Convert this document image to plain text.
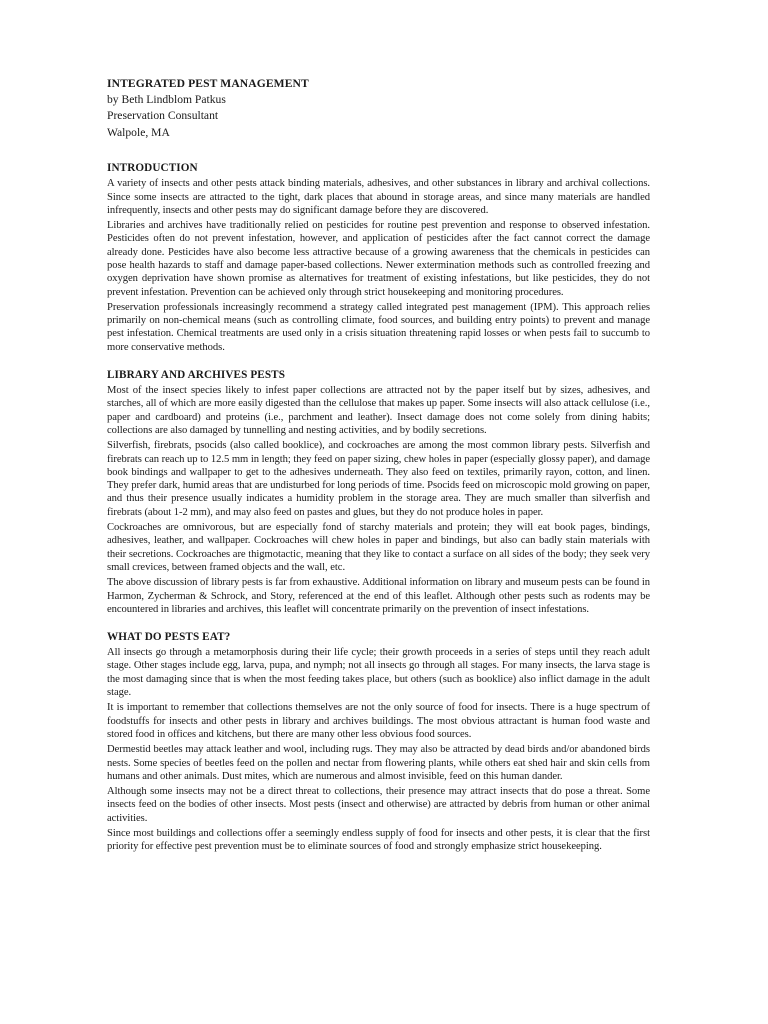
INTEGRATED PEST MANAGEMENT

by Beth Lindblom Patkus

Preservation Consultant

Walpole, MA

INTRODUCTION

A variety of insects and other pests attack binding materials, adhesives, and other substances in library and archival collections. Since some insects are attracted to the tight, dark places that abound in storage areas, and since many materials are handled infrequently, insects and other pests may do significant damage before they are discovered.

Libraries and archives have traditionally relied on pesticides for routine pest prevention and response to observed infestation. Pesticides often do not prevent infestation, however, and application of pesticides after the fact cannot correct the damage already done. Pesticides have also become less attractive because of a growing awareness that the chemicals in pesticides can pose health hazards to staff and damage paper-based collections. Newer extermination methods such as controlled freezing and oxygen deprivation have shown promise as alternatives for treatment of existing infestations, but like pesticides, they do not prevent infestation. Prevention can be achieved only through strict housekeeping and monitoring procedures.

Preservation professionals increasingly recommend a strategy called integrated pest management (IPM). This approach relies primarily on non-chemical means (such as controlling climate, food sources, and building entry points) to prevent and manage pest infestation. Chemical treatments are used only in a crisis situation threatening rapid losses or when pests fail to succumb to more conservative methods.

LIBRARY AND ARCHIVES PESTS

Most of the insect species likely to infest paper collections are attracted not by the paper itself but by sizes, adhesives, and starches, all of which are more easily digested than the cellulose that makes up paper. Some insects will also attack cellulose (i.e., paper and cardboard) and proteins (i.e., parchment and leather). Insect damage does not come solely from dining habits; collections are also damaged by tunnelling and nesting activities, and by bodily secretions.

Silverfish, firebrats, psocids (also called booklice), and cockroaches are among the most common library pests. Silverfish and firebrats can reach up to 12.5 mm in length; they feed on paper sizing, chew holes in paper (especially glossy paper), and damage book bindings and wallpaper to get to the adhesives underneath. They also feed on textiles, primarily rayon, cotton, and linen. They prefer dark, humid areas that are undisturbed for long periods of time. Psocids feed on microscopic mold growing on paper, and thus their presence usually indicates a humidity problem in the storage area. They are much smaller than silverfish and firebrats (about 1-2 mm), and may also feed on pastes and glues, but they do not produce holes in paper.

Cockroaches are omnivorous, but are especially fond of starchy materials and protein; they will eat book pages, bindings, adhesives, leather, and wallpaper. Cockroaches will chew holes in paper and bindings, but also can badly stain materials with their secretions. Cockroaches are thigmotactic, meaning that they like to contact a surface on all sides of the body; they seek very small crevices, between framed objects and the wall, etc.

The above discussion of library pests is far from exhaustive. Additional information on library and museum pests can be found in Harmon, Zycherman & Schrock, and Story, referenced at the end of this leaflet. Although other pests such as rodents may be encountered in libraries and archives, this leaflet will concentrate primarily on the prevention of insect infestations.

WHAT DO PESTS EAT?

All insects go through a metamorphosis during their life cycle; their growth proceeds in a series of steps until they reach adult stage. Other stages include egg, larva, pupa, and nymph; not all insects go through all stages. For many insects, the larva stage is the most damaging since that is when the most feeding takes place, but others (such as booklice) also inflict damage in the adult stage.

It is important to remember that collections themselves are not the only source of food for insects. There is a huge spectrum of foodstuffs for insects and other pests in library and archives buildings. The most obvious attractant is human food waste and stored food in offices and kitchens, but there are many other less obvious food sources.

Dermestid beetles may attack leather and wool, including rugs. They may also be attracted by dead birds and/or abandoned birds nests. Some species of beetles feed on the pollen and nectar from flowering plants, while others eat shed hair and skin cells from humans and other animals. Dust mites, which are numerous and almost invisible, feed on this human dander.

Although some insects may not be a direct threat to collections, their presence may attract insects that do pose a threat. Some insects feed on the bodies of other insects. Most pests (insect and otherwise) are attracted by debris from human or other animal activities.

Since most buildings and collections offer a seemingly endless supply of food for insects and other pests, it is clear that the first priority for effective pest prevention must be to eliminate sources of food and strongly emphasize strict housekeeping.
